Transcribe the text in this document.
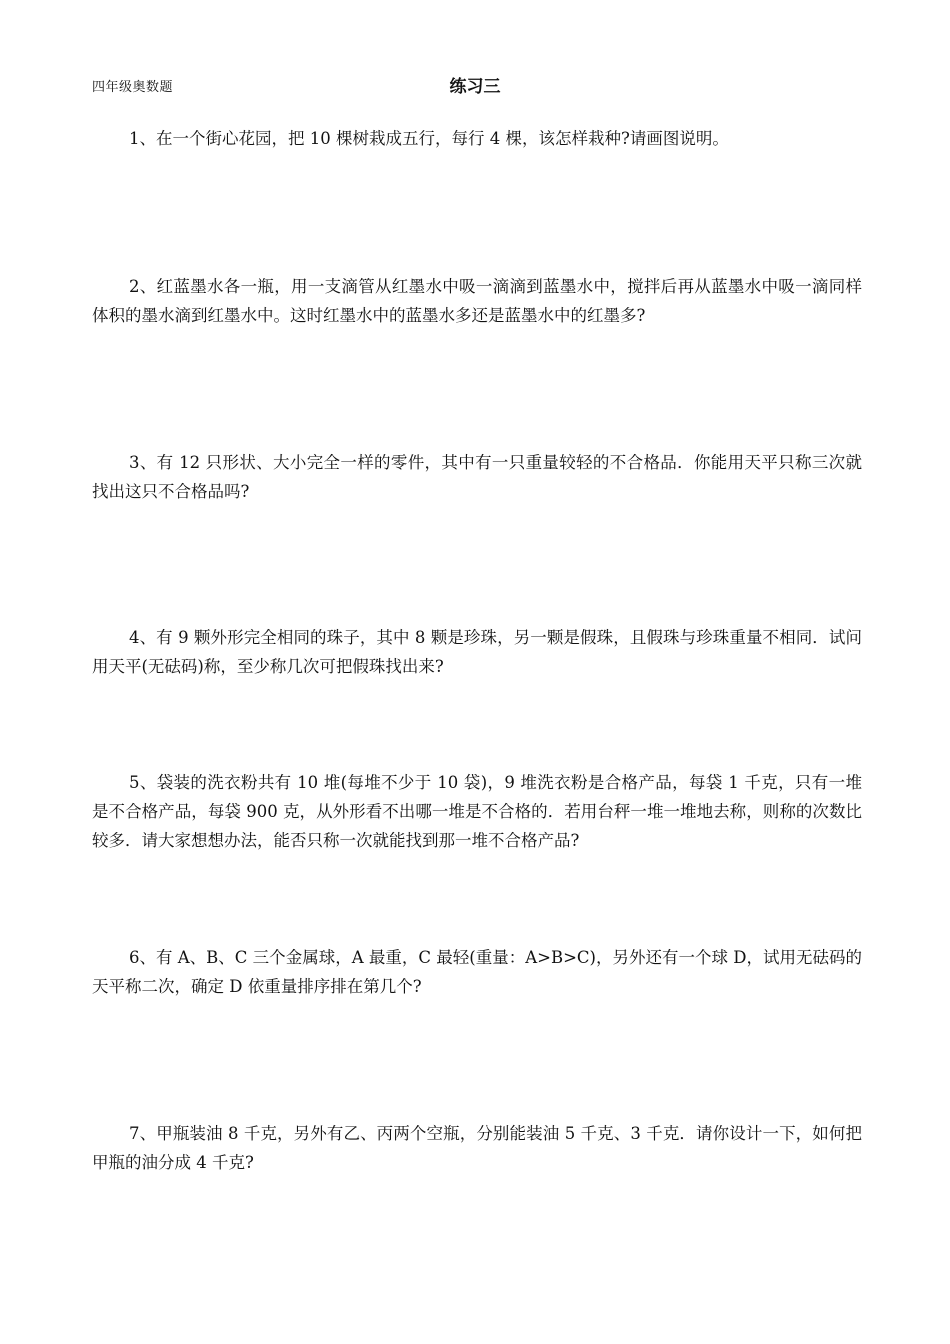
四年级奥数题	练习三
1、在一个街心花园，把 10 棵树栽成五行，每行 4 棵，该怎样栽种?请画图说明。
2、红蓝墨水各一瓶，用一支滴管从红墨水中吸一滴滴到蓝墨水中，搅拌后再从蓝墨水中吸一滴同样体积的墨水滴到红墨水中。这时红墨水中的蓝墨水多还是蓝墨水中的红墨多?
3、有 12 只形状、大小完全一样的零件，其中有一只重量较轻的不合格品．你能用天平只称三次就找出这只不合格品吗?
4、有 9 颗外形完全相同的珠子，其中 8 颗是珍珠，另一颗是假珠，且假珠与珍珠重量不相同．试问用天平(无砝码)称，至少称几次可把假珠找出来?
5、袋装的洗衣粉共有 10 堆(每堆不少于 10 袋)，9 堆洗衣粉是合格产品，每袋 1 千克，只有一堆是不合格产品，每袋 900 克，从外形看不出哪一堆是不合格的．若用台秤一堆一堆地去称，则称的次数比较多．请大家想想办法，能否只称一次就能找到那一堆不合格产品?
6、有 A、B、C 三个金属球，A 最重，C 最轻(重量：A>B>C)，另外还有一个球 D，试用无砝码的天平称二次，确定 D 依重量排序排在第几个?
7、甲瓶装油 8 千克，另外有乙、丙两个空瓶，分别能装油 5 千克、3 千克．请你设计一下，如何把甲瓶的油分成 4 千克?
